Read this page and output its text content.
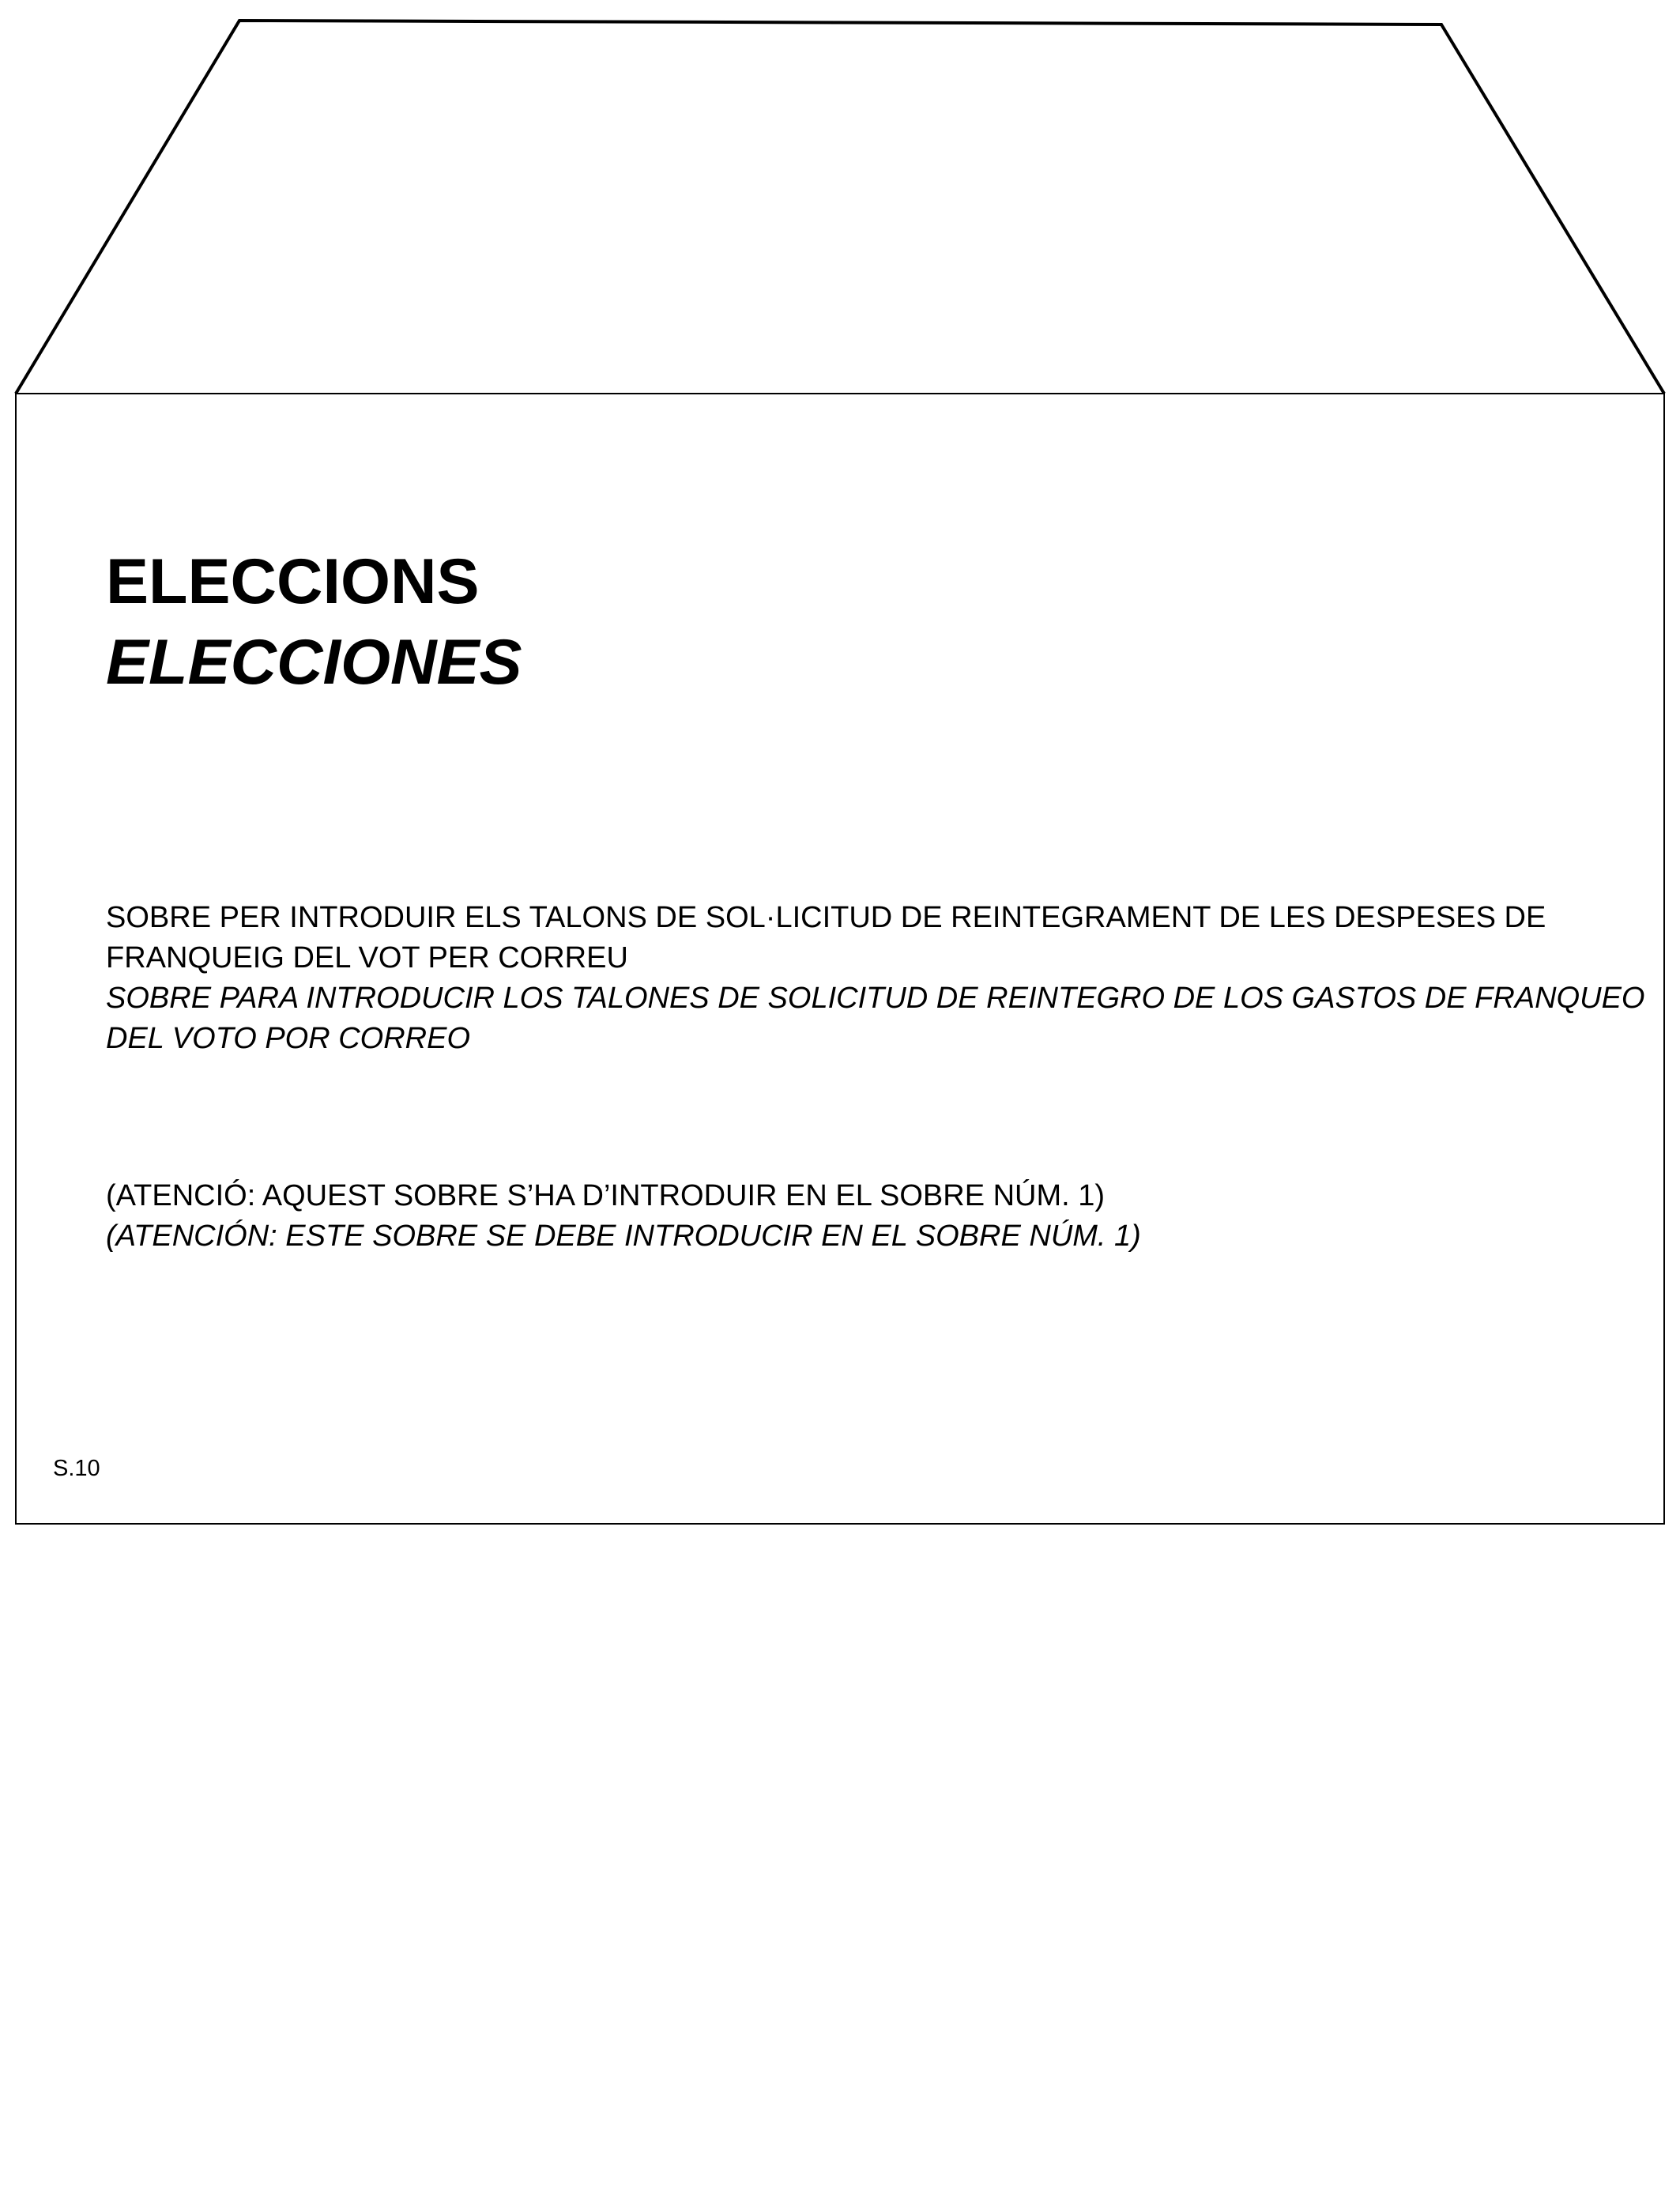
ELECCIONS
ELECCIONES
SOBRE PER INTRODUIR ELS TALONS DE SOL·LICITUD DE REINTEGRAMENT DE LES DESPESES DE FRANQUEIG DEL VOT PER CORREU
SOBRE PARA INTRODUCIR LOS TALONES DE SOLICITUD DE REINTEGRO DE LOS GASTOS DE FRANQUEO DEL VOTO POR CORREO
(ATENCIÓ: AQUEST SOBRE S’HA D’INTRODUIR EN EL SOBRE NÚM. 1)
(ATENCIÓN: ESTE SOBRE SE DEBE INTRODUCIR EN EL SOBRE NÚM. 1)
S.10
